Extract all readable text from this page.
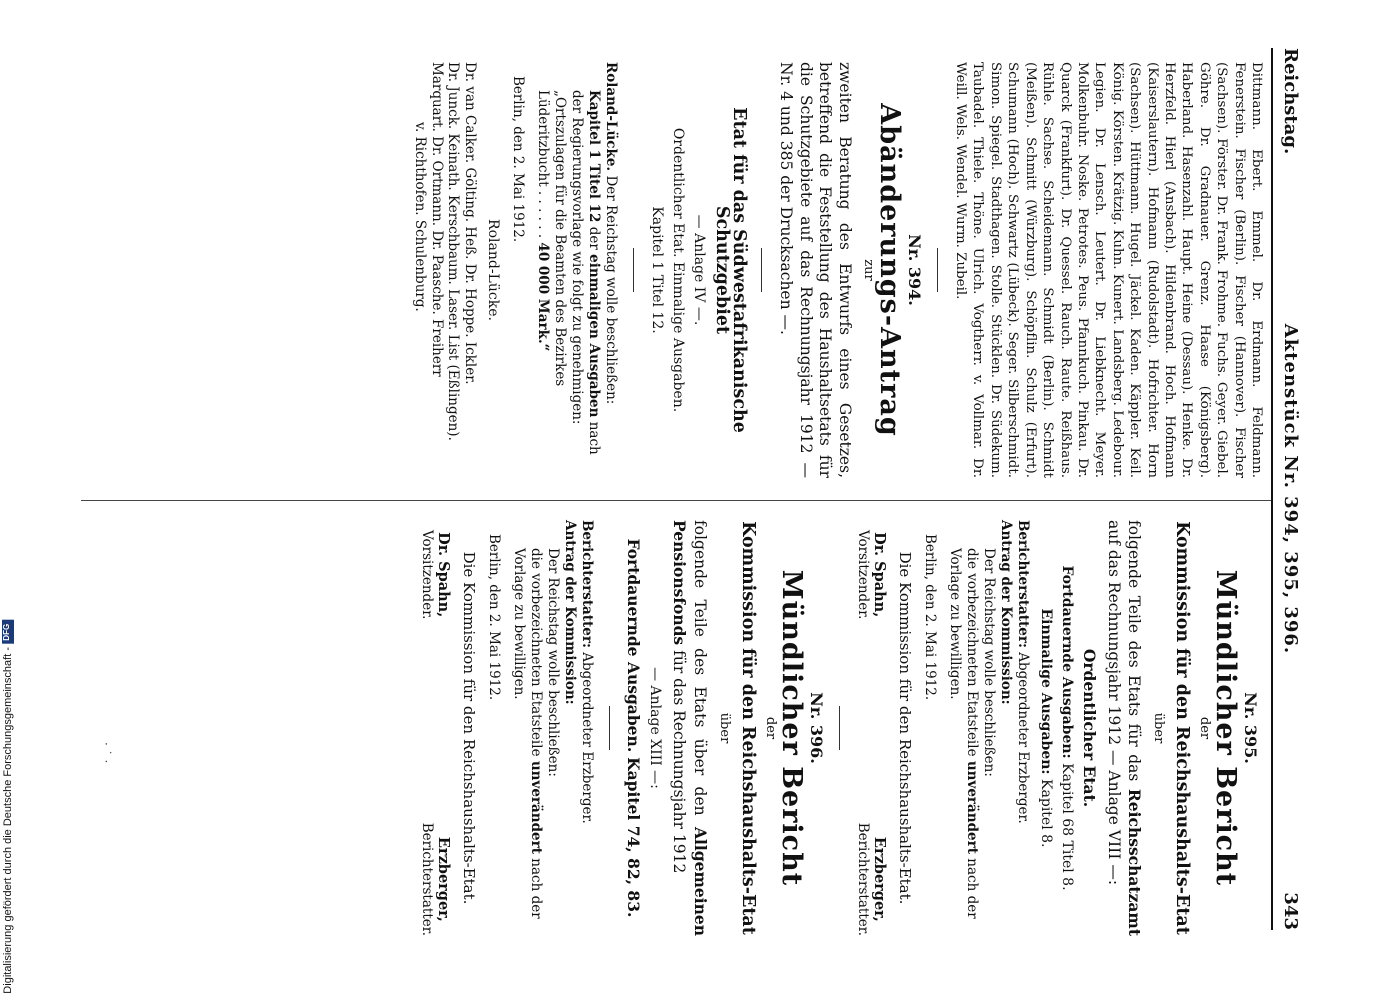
Reichstag.
Aktenstück Nr. 394, 395, 396.
343

Dittmann. Ebert. Emmel. Dr. Erdmann. Feldmann. Fenerstein. Fischer (Berlin). Fischer (Hannover). Fischer (Sachsen). Förster. Dr. Frank. Frohme. Fuchs. Geyer. Giebel. Göhre. Dr. Gradnauer. Grenz. Haase (Königsberg). Haberland. Hasenzahl. Haupt. Heine (Dessau). Henke. Dr. Herzfeld. Hierl (Ansbach). Hildenbrand. Hoch. Hofmann (Kaiserslautern). Hofmann (Rudolstadt). Hofrichter. Horn (Sachsen). Hüttmann. Hugel. Jäckel. Kaden. Käppler. Keil. König. Körsten. Krätzig. Kuhn. Kunert. Landsberg. Ledebour. Legien. Dr. Lensch. Leutert. Dr. Liebknecht. Meyer. Molkenbuhr. Noske. Petrotes. Peus. Pfannkuch. Pinkau. Dr. Quarck (Frankfurt). Dr. Quessel. Rauch. Raute. Reißhaus. Rühle. Sachse. Scheidemann. Schmidt (Berlin). Schmidt (Meißen). Schmitt (Würzburg). Schöpflin. Schulz (Erfurt). Schumann (Hoch). Schwartz (Lübeck). Seger. Silberschmidt. Simon. Spiegel. Stadthagen. Stolle. Stücklen. Dr. Südekum. Taubadel. Thiele. Thöne. Ulrich. Vogtherr. v. Vollmar. Dr. Weill. Wels. Wendel. Wurm. Zubeil.

Nr. 394.
Abänderungs-Antrag
zur
zweiten Beratung des Entwurfs eines Gesetzes, betreffend die Feststellung des Haushaltsetats für die Schutzgebiete auf das Rechnungsjahr 1912 — Nr. 4 und 385 der Drucksachen —.
Etat für das Südwestafrikanische Schutzgebiet
— Anlage IV —.
Ordentlicher Etat. Einmalige Ausgaben.
Kapitel 1 Titel 12.
Roland-Lücke. Der Reichstag wolle beschließen:
Kapitel 1 Titel 12 der einmaligen Ausgaben nach der Regierungsvorlage wie folgt zu genehmigen:
„Ortszulagen für die Beamten des Bezirkes Lüderitzbucht . . . . . . 40 000 Mark.“
Berlin, den 2. Mai 1912.
Roland-Lücke.
Dr. van Calker. Gölting. Heß. Dr. Hoppe. Ickler.
Dr. Junck. Keinath. Kerschbaum. Laser. List (Eßlingen).
Marquart. Dr. Ortmann. Dr. Paasche. Freiherr
v. Richthofen. Schulenburg.
Nr. 395.
Mündlicher Bericht
der
Kommission für den Reichshaushalts-Etat
über
folgende Teile des Etats für das Reichsschatzamt auf das Rechnungsjahr 1912 — Anlage VIII —:
Ordentlicher Etat.
Fortdauernde Ausgaben: Kapitel 68 Titel 8.
Einmalige Ausgaben: Kapitel 8.
Berichterstatter: Abgeordneter Erzberger.
Antrag der Kommission:
Der Reichstag wolle beschließen:
die vorbezeichneten Etatsteile unverändert nach der Vorlage zu bewilligen.
Berlin, den 2. Mai 1912.
Die Kommission für den Reichshaushalts-Etat.
Dr. Spahn,
Vorsitzender.
Erzberger,
Berichterstatter.
Nr. 396.
Mündlicher Bericht
der
Kommission für den Reichshaushalts-Etat
über
folgende Teile des Etats über den Allgemeinen Pensionsfonds für das Rechnungsjahr 1912
— Anlage XIII —:
Fortdauernde Ausgaben. Kapitel 74, 82, 83.
Berichterstatter: Abgeordneter Erzberger.
Antrag der Kommission:
Der Reichstag wolle beschließen:
die vorbezeichneten Etatsteile unverändert nach der Vorlage zu bewilligen.
Berlin, den 2. Mai 1912.
Die Kommission für den Reichshaushalts-Etat.
Dr. Spahn,
Vorsitzender.
Erzberger,
Berichterstatter.
· ˙ ·
Digitalisierung gefördert durch die Deutsche Forschungsgemeinschaft -
DFG
